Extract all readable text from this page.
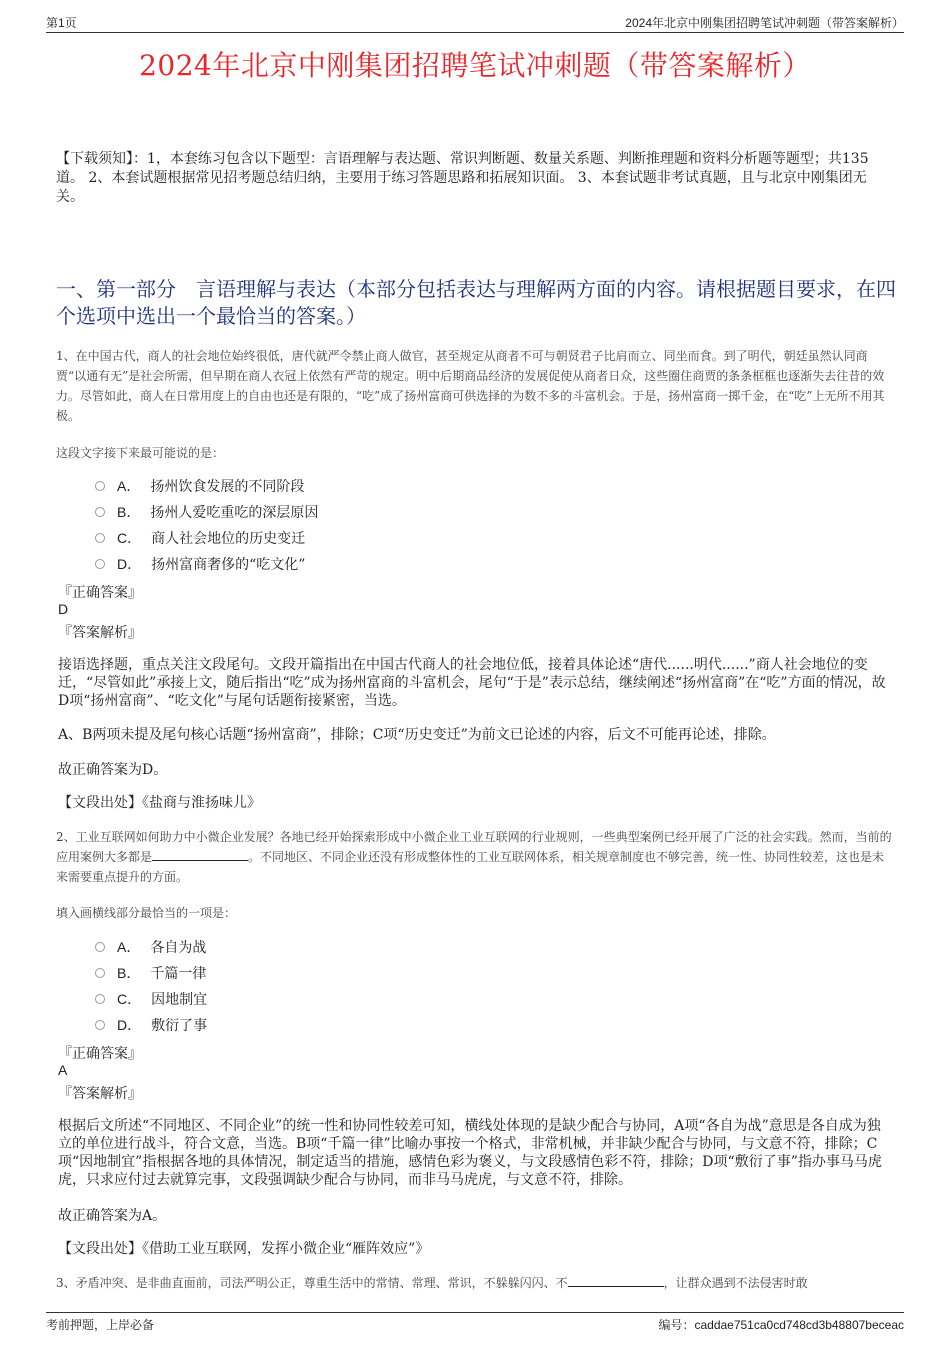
第1页	2024年北京中刚集团招聘笔试冲刺题（带答案解析）
2024年北京中刚集团招聘笔试冲刺题（带答案解析）
【下载须知】：1，本套练习包含以下题型：言语理解与表达题、常识判断题、数量关系题、判断推理题和资料分析题等题型；共135道。 2、本套试题根据常见招考题总结归纳，主要用于练习答题思路和拓展知识面。 3、本套试题非考试真题，且与北京中刚集团无关。
一、第一部分　言语理解与表达（本部分包括表达与理解两方面的内容。请根据题目要求，在四个选项中选出一个最恰当的答案。）
1、在中国古代，商人的社会地位始终很低，唐代就严令禁止商人做官，甚至规定从商者不可与朝贤君子比肩而立、同坐而食。到了明代，朝廷虽然认同商贾“以通有无”是社会所需，但早期在商人衣冠上依然有严苛的规定。明中后期商品经济的发展促使从商者日众，这些圈住商贾的条条框框也逐渐失去往昔的效力。尽管如此，商人在日常用度上的自由也还是有限的，“吃”成了扬州富商可供选择的为数不多的斗富机会。于是，扬州富商一掷千金，在“吃”上无所不用其极。
这段文字接下来最可能说的是：
A． 扬州饮食发展的不同阶段
B． 扬州人爱吃重吃的深层原因
C． 商人社会地位的历史变迁
D． 扬州富商奢侈的“吃文化”
『正确答案』
D
『答案解析』
接语选择题，重点关注文段尾句。文段开篇指出在中国古代商人的社会地位低，接着具体论述“唐代......明代......”商人社会地位的变迁，“尽管如此”承接上文，随后指出“吃”成为扬州富商的斗富机会，尾句“于是”表示总结，继续阐述“扬州富商”在“吃”方面的情况，故D项“扬州富商”、“吃文化”与尾句话题衔接紧密，当选。
A、B两项未提及尾句核心话题“扬州富商”，排除；C项“历史变迁”为前文已论述的内容，后文不可能再论述，排除。
故正确答案为D。
【文段出处】《盐商与淮扬味儿》
2、工业互联网如何助力中小微企业发展？各地已经开始探索形成中小微企业工业互联网的行业规则，一些典型案例已经开展了广泛的社会实践。然而，当前的应用案例大多都是	。不同地区、不同企业还没有形成整体性的工业互联网体系，相关规章制度也不够完善，统一性、协同性较差，这也是未来需要重点提升的方面。
填入画横线部分最恰当的一项是：
A． 各自为战
B． 千篇一律
C． 因地制宜
D． 敷衍了事
『正确答案』
A
『答案解析』
根据后文所述“不同地区、不同企业”的统一性和协同性较差可知，横线处体现的是缺少配合与协同，A项“各自为战”意思是各自成为独立的单位进行战斗，符合文意，当选。B项“千篇一律”比喻办事按一个格式，非常机械，并非缺少配合与协同，与文意不符，排除；C项“因地制宜”指根据各地的具体情况，制定适当的措施，感情色彩为褒义，与文段感情色彩不符，排除；D项“敷衍了事”指办事马马虎虎，只求应付过去就算完事，文段强调缺少配合与协同，而非马马虎虎，与文意不符，排除。
故正确答案为A。
【文段出处】《借助工业互联网，发挥小微企业“雁阵效应”》
3、矛盾冲突、是非曲直面前，司法严明公正，尊重生活中的常情、常理、常识，不躲躲闪闪、不	，让群众遇到不法侵害时敢
考前押题，上岸必备	编号：caddae751ca0cd748cd3b48807beceac
